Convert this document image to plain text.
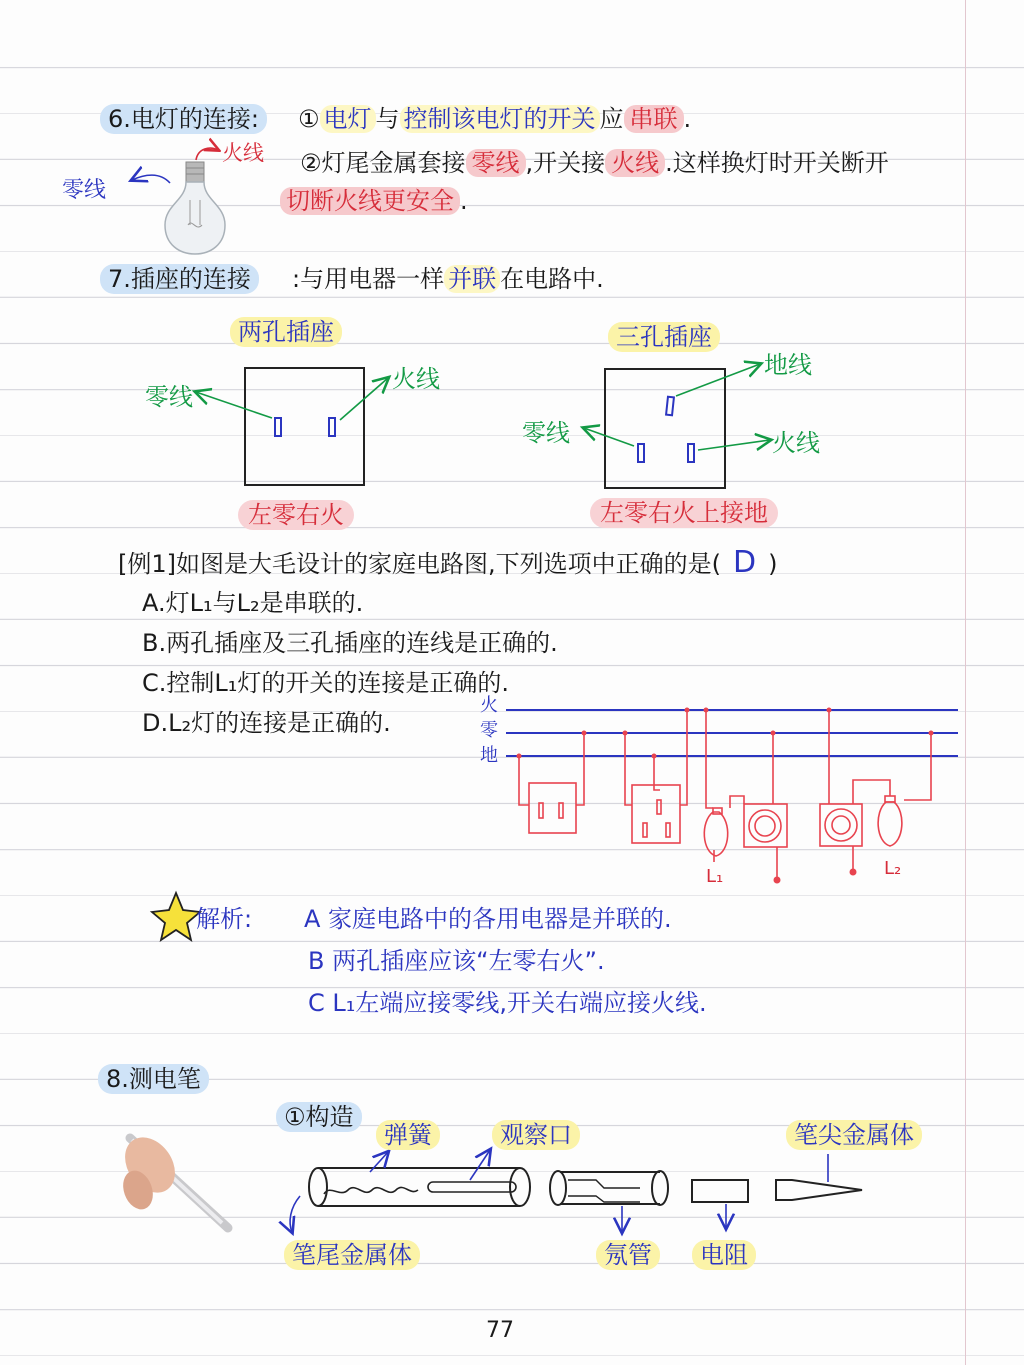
6.电灯的连接:	① 电灯 与 控制该电灯的开关 应 串联 .
②灯尾金属套接 零线 ,开关接 火线 .这样换灯时开关断开
切断火线更安全 .
火线
零线
7.插座的连接	:与用电器一样 并联 在电路中.
两孔插座	三孔插座
零线
火线	地线
零线	火线
左零右火	左零右火上接地
[例1]如图是大毛设计的家庭电路图,下列选项中正确的是( D )
A.灯L₁与L₂是串联的.
B.两孔插座及三孔插座的连线是正确的.
C.控制L₁灯的开关的连接是正确的.
D.L₂灯的连接是正确的.
火
零
地
L₁	L₂
解析: A 家庭电路中的各用电器是并联的.
B 两孔插座应该“左零右火”.
C L₁左端应接零线,开关右端应接火线.
8.测电笔
①构造
弹簧	观察口	笔尖金属体
笔尾金属体	氖管	电阻
77
